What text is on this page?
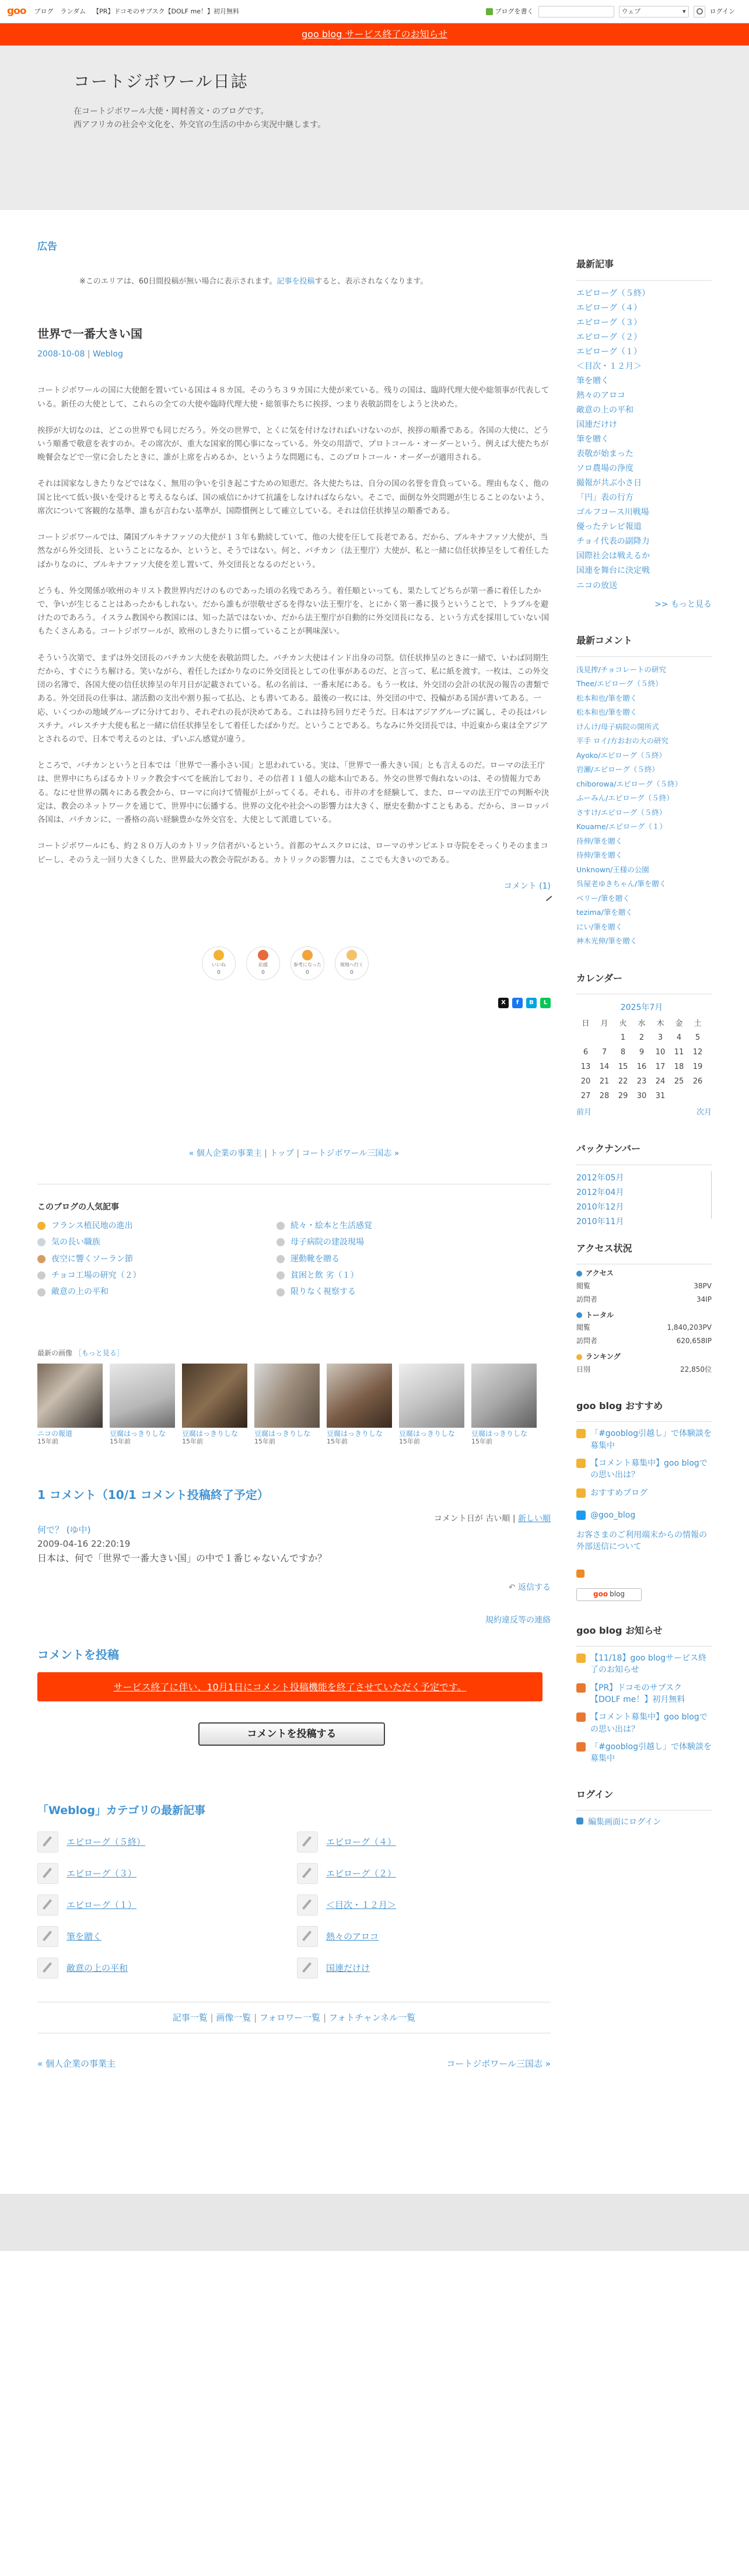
goo ブログ ランダム 【PR】ドコモのサブスク【DOLF me！】初月無料	ブログを書く	ウェブ	▾	ログイン
goo blog サービス終了のお知らせ
コートジボワール日誌
在コートジボワール大使・岡村善文・のブログです。
西アフリカの社会や文化を、外交官の生活の中から実況中継します。
広告
※このエリアは、60日間投稿が無い場合に表示されます。記事を投稿すると、表示されなくなります。
世界で一番大きい国
2008-10-08 | Weblog

コートジボワールの国に大使館を置いている国は４８カ国。そのうち３９カ国に大使が来ている。残りの国は、臨時代理大使や総領事が代表している。新任の大使として、これらの全ての大使や臨時代理大使・総領事たちに挨拶、つまり表敬訪問をしようと決めた。

挨拶が大切なのは、どこの世界でも同じだろう。外交の世界で、とくに気を付けなければいけないのが、挨拶の順番である。各国の大使に、どういう順番で敬意を表すのか。その席次が、重大な国家的関心事になっている。外交の用語で、プロトコール・オーダーという。例えば大使たちが晩餐会などで一堂に会したときに、誰が上席を占めるか、というような問題にも、このプロトコール・オーダーが適用される。

それは国家なしきたりなどではなく、無用の争いを引き起こすための知恵だ。各大使たちは、自分の国の名誉を背負っている。理由もなく、他の国と比べて低い扱いを受けると考えるならば、国の威信にかけて抗議をしなければならない。そこで、面倒な外交問題が生じることのないよう、席次について客観的な基準、誰もが言わない基準が、国際慣例として確立している。それは信任状捧呈の順番である。

コートジボワールでは、隣国ブルキナファソの大使が１３年も勤続していて、他の大使を圧して長老である。だから、ブルキナファソ大使が、当然ながら外交団長、ということになるか、というと、そうではない。何と、バチカン（法王聖庁）大使が、私と一緒に信任状捧呈をして着任したばかりなのに、ブルキナファソ大使を差し置いて、外交団長となるのだという。

どうも、外交関係が欧州のキリスト教世界内だけのものであった頃の名残であろう。着任順といっても、果たしてどちらが第一番に着任したかで、争いが生じることはあったかもしれない。だから誰もが崇敬せざるを得ない法王聖庁を、とにかく第一番に扱うということで、トラブルを避けたのであろう。イスラム教国やら教国には、知った話ではないか、だから法王聖庁が自動的に外交団長になる、という方式を採用していない国もたくさんある。コートジボワールが、欧州のしきたりに慣っていることが興味深い。

そういう次第で、まずは外交団長のバチカン大使を表敬訪問した。バチカン大使はインド出身の司祭。信任状捧呈のときに一緒で、いわば同期生だから、すぐにうち解ける。笑いながら、着任したばかりなのに外交団長としての仕事があるのだ、と言って、私に紙を渡す。一枚は、この外交団の名簿で、各国大使の信任状捧呈の年月日が記載されている。私の名前は、一番末尾にある。もう一枚は、外交団の会計の状況の報告の書類である。外交団長の仕事は、諸活動の支出や割り振って払込、とも書いてある。最後の一枚には、外交団の中で、投輪がある国が書いてある。一応、いくつかの地域グループに分けており、それぞれの長が決めてある。これは持ち回りだそうだ。日本はアジアグループに属し、その長はパレスチナ。パレスチナ大使も私と一緒に信任状捧呈をして着任したばかりだ。ということである。ちなみに外交団長では、中近東から東は全アジアとされるので、日本で考えるのとは、ずいぶん感覚が違う。

ところで、バチカンというと日本では「世界で一番小さい国」と思われている。実は、「世界で一番大きい国」とも言えるのだ。ローマの法王庁は、世界中にちらばるカトリック教会すべてを統治しており、その信者１１億人の総本山である。外交の世界で侮れないのは、その情報力である。なにせ世界の隅々にある教会から、ローマに向けて情報が上がってくる。それも、市井の才を経験して、また、ローマの法王庁での判断や決定は、教会のネットワークを通じて、世界中に伝播する。世界の文化や社会への影響力は大きく、歴史を動かすこともある。だから、ヨーロッパ各国は、バチカンに、一番格の高い経験豊かな外交官を、大使として派遣している。

コートジボワールにも、約２８０万人のカトリック信者がいるという。首都のヤムスクロには、ローマのサンピエトロ寺院をそっくりそのままコピーし、そのうえ一回り大きくした、世界最大の教会寺院がある。カトリックの影響力は、ここでも大きいのである。

コメント (1)
いいね
0
応援
0
参考になった
0
現地へ行く
0
X	f	B	L
« 個人企業の事業主 | トップ | コートジボワール三国志 »
このブログの人気記事
フランス植民地の進出	続々・絵本と生活感覚
気の長い職族	母子病院の建設現場
夜空に響くソーラン節	運動靴を贈る
チョコ工場の研究（２）	貧困と飲 劣（１）
敵意の上の平和	限りなく視察する
最新の画像 ［もっと見る］
ニコの報道
15年前
豆腐はっきりしな
15年前
豆腐はっきりしな
15年前
豆腐はっきりしな
15年前
豆腐はっきりしな
15年前
豆腐はっきりしな
15年前
豆腐はっきりしな
15年前
1 コメント（10/1 コメント投稿終了予定）
コメント日が 古い順 | 新しい順
何で？ (ゆ中)
2009-04-16 22:20:19
日本は、何で「世界で一番大きい国」の中で１番じゃないんですか？
↶ 返信する
規約違反等の連絡
コメントを投稿
サービス終了に伴い、10月1日にコメント投稿機能を終了させていただく予定です。
コメントを投稿する
「Weblog」カテゴリの最新記事
エピローグ（５終）	エピローグ（４）
エピローグ（３）	エピローグ（２）
エピローグ（１）	＜目次・１２月＞
筆を贈く	熱々のアロコ
敵意の上の平和	国連だけけ
記事一覧 | 画像一覧 | フォロワー一覧 | フォトチャンネル一覧
« 個人企業の事業主	コートジボワール三国志 »
最新記事
エピローグ（５終）
エピローグ（４）
エピローグ（３）
エピローグ（２）
エピローグ（１）
＜目次・１２月＞
筆を贈く
熱々のアロコ
敵意の上の平和
国連だけけ
筆を贈く
表敬が始まった
ソロ農場の浄度
撮報が共ぶ小さ日
「円」表の行方
ゴルフコース川戦場
優ったテレビ報道
チョイ代表の副降力
国際社会は戦えるか
国連を舞台に決定戦
ニコの放送
>> もっと見る
最新コメント
浅見搾/チョコレートの研究
Thee/エピローグ（５終）
松本和也/筆を贈く
松本和也/筆を贈く
けんけ/母子病院の開所式
平手 ロイ/方おおの大の研究
Ayoko/エピローグ（５終）
岩瀬/エピローグ（５終）
chiborowa/エピローグ（５終）
ふーみん/エピローグ（５終）
さすけ/エピローグ（５終）
Kouame/エピローグ（１）
待伸/筆を贈く
待伸/筆を贈く
Unknown/王様の公園
呉屋老ゆきちゃん/筆を贈く
ベリー/筆を贈く
tezima/筆を贈く
にい/筆を贈く
神木光伸/筆を贈く
カレンダー
2025年7月
日	月	火	水	木	金	土
		1	2	3	4	5
6	7	8	9	10	11	12
13	14	15	16	17	18	19
20	21	22	23	24	25	26
27	28	29	30	31		
前月	次月
バックナンバー
2012年05月
2012年04月
2010年12月
2010年11月
アクセス状況
アクセス
閲覧	38PV
訪問者	34IP
トータル
閲覧	1,840,203PV
訪問者	620,658IP
ランキング
日別	22,850位
goo blog おすすめ
「#gooblog引越し」で体験談を募集中
【コメント募集中】goo blogでの思い出は？
おすすめブログ
@goo_blog
お客さまのご利用端末からの情報の外部送信について
goo blog
goo blog お知らせ
【11/18】goo blogサービス終了のお知らせ
【PR】ドコモのサブスク【DOLF me！】初月無料
【コメント募集中】goo blogでの思い出は？
「#gooblog引越し」で体験談を募集中
ログイン
編集画面にログイン
